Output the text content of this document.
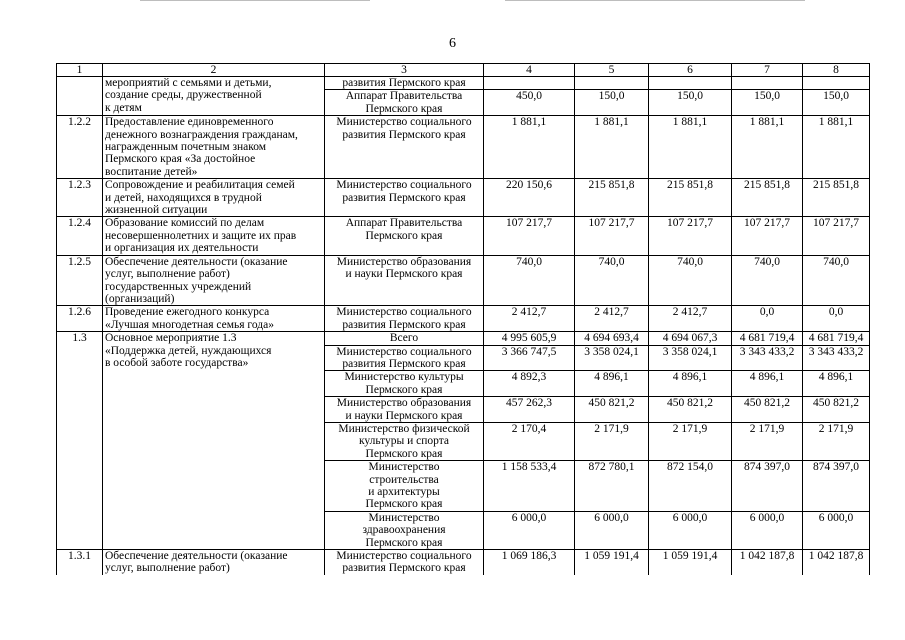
6
1	2	3	4	5	6	7	8

	мероприятий с семьями и детьми,
создание среды, дружественной
к детям	развития Пермского края					

		Аппарат Правительства
Пермского края	450,0	150,0	150,0	150,0	150,0

1.2.2	Предоставление единовременного
денежного вознаграждения гражданам,
награжденным почетным знаком
Пермского края «За достойное
воспитание детей»	Министерство социального
развития Пермского края	1 881,1	1 881,1	1 881,1	1 881,1	1 881,1

1.2.3	Сопровождение и реабилитация семей
и детей, находящихся в трудной
жизненной ситуации	Министерство социального
развития Пермского края	220 150,6	215 851,8	215 851,8	215 851,8	215 851,8

1.2.4	Образование комиссий по делам
несовершеннолетних и защите их прав
и организация их деятельности	Аппарат Правительства
Пермского края	107 217,7	107 217,7	107 217,7	107 217,7	107 217,7

1.2.5	Обеспечение деятельности (оказание
услуг, выполнение работ)
государственных учреждений
(организаций)	Министерство образования
и науки Пермского края	740,0	740,0	740,0	740,0	740,0

1.2.6	Проведение ежегодного конкурса
«Лучшая многодетная семья года»	Министерство социального
развития Пермского края	2 412,7	2 412,7	2 412,7	0,0	0,0

1.3	Основное мероприятие 1.3
«Поддержка детей, нуждающихся
в особой заботе государства»	Всего	4 995 605,9	4 694 693,4	4 694 067,3	4 681 719,4	4 681 719,4

		Министерство социального
развития Пермского края	3 366 747,5	3 358 024,1	3 358 024,1	3 343 433,2	3 343 433,2

		Министерство культуры
Пермского края	4 892,3	4 896,1	4 896,1	4 896,1	4 896,1

		Министерство образования
и науки Пермского края	457 262,3	450 821,2	450 821,2	450 821,2	450 821,2

		Министерство физической
культуры и спорта
Пермского края	2 170,4	2 171,9	2 171,9	2 171,9	2 171,9

		Министерство
строительства
и архитектуры
Пермского края	1 158 533,4	872 780,1	872 154,0	874 397,0	874 397,0

		Министерство
здравоохранения
Пермского края	6 000,0	6 000,0	6 000,0	6 000,0	6 000,0

1.3.1	Обеспечение деятельности (оказание
услуг, выполнение работ)	Министерство социального
развития Пермского края	1 069 186,3	1 059 191,4	1 059 191,4	1 042 187,8	1 042 187,8
